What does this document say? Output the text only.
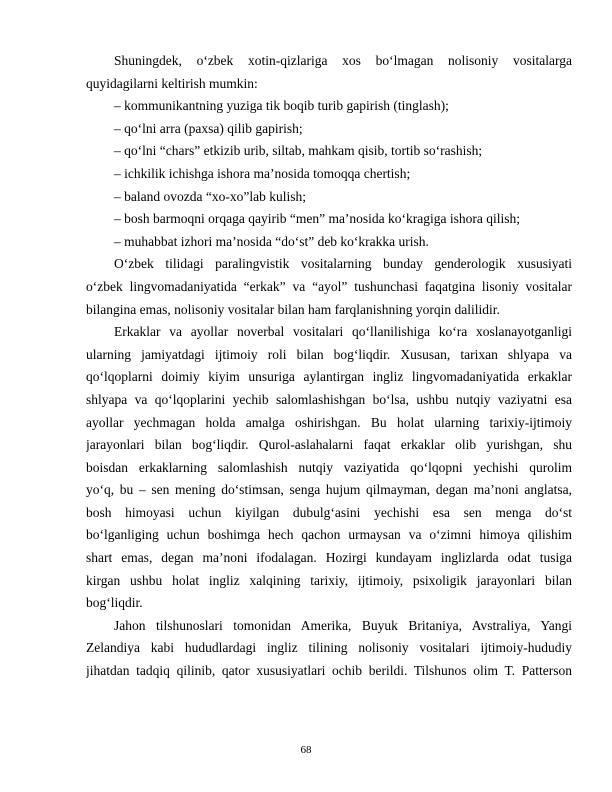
Shuningdek, o‘zbek xotin-qizlariga xos bo‘lmagan nolisoniy vositalarga
quyidagilarni keltirish mumkin:
– kommunikantning yuziga tik boqib turib gapirish (tinglash);
– qo‘lni arra (paxsa) qilib gapirish;
– qo‘lni “chars” etkizib urib, siltab, mahkam qisib, tortib so‘rashish;
– ichkilik ichishga ishora ma’nosida tomoqqa chertish;
– baland ovozda “xo-xo”lab kulish;
– bosh barmoqni orqaga qayirib “men” ma’nosida ko‘kragiga ishora qilish;
– muhabbat izhori ma’nosida “do‘st” deb ko‘krakka urish.
O‘zbek tilidagi paralingvistik vositalarning bunday genderologik xususiyati
o‘zbek lingvomadaniyatida “erkak” va “ayol” tushunchasi faqatgina lisoniy vositalar
bilangina emas, nolisoniy vositalar bilan ham farqlanishning yorqin dalilidir.
Erkaklar va ayollar noverbal vositalari qo‘llanilishiga ko‘ra xoslanayotganligi
ularning jamiyatdagi ijtimoiy roli bilan bog‘liqdir. Xususan, tarixan shlyapa va
qo‘lqoplarni doimiy kiyim unsuriga aylantirgan ingliz lingvomadaniyatida erkaklar
shlyapa va qo‘lqoplarini yechib salomlashishgan bo‘lsa, ushbu nutqiy vaziyatni esa
ayollar yechmagan holda amalga oshirishgan. Bu holat ularning tarixiy-ijtimoiy
jarayonlari bilan bog‘liqdir. Qurol-aslahalarni faqat erkaklar olib yurishgan, shu
boisdan erkaklarning salomlashish nutqiy vaziyatida qo‘lqopni yechishi qurolim
yo‘q, bu – sen mening do‘stimsan, senga hujum qilmayman, degan ma’noni anglatsa,
bosh himoyasi uchun kiyilgan dubulg‘asini yechishi esa sen menga do‘st
bo‘lganliging uchun boshimga hech qachon urmaysan va o‘zimni himoya qilishim
shart emas, degan ma’noni ifodalagan. Hozirgi kundayam inglizlarda odat tusiga
kirgan ushbu holat ingliz xalqining tarixiy, ijtimoiy, psixoligik jarayonlari bilan
bog‘liqdir.
Jahon tilshunoslari tomonidan Amerika, Buyuk Britaniya, Avstraliya, Yangi
Zelandiya kabi hududlardagi ingliz tilining nolisoniy vositalari ijtimoiy-hududiy
jihatdan tadqiq qilinib, qator xususiyatlari ochib berildi. Tilshunos olim T. Patterson
68
